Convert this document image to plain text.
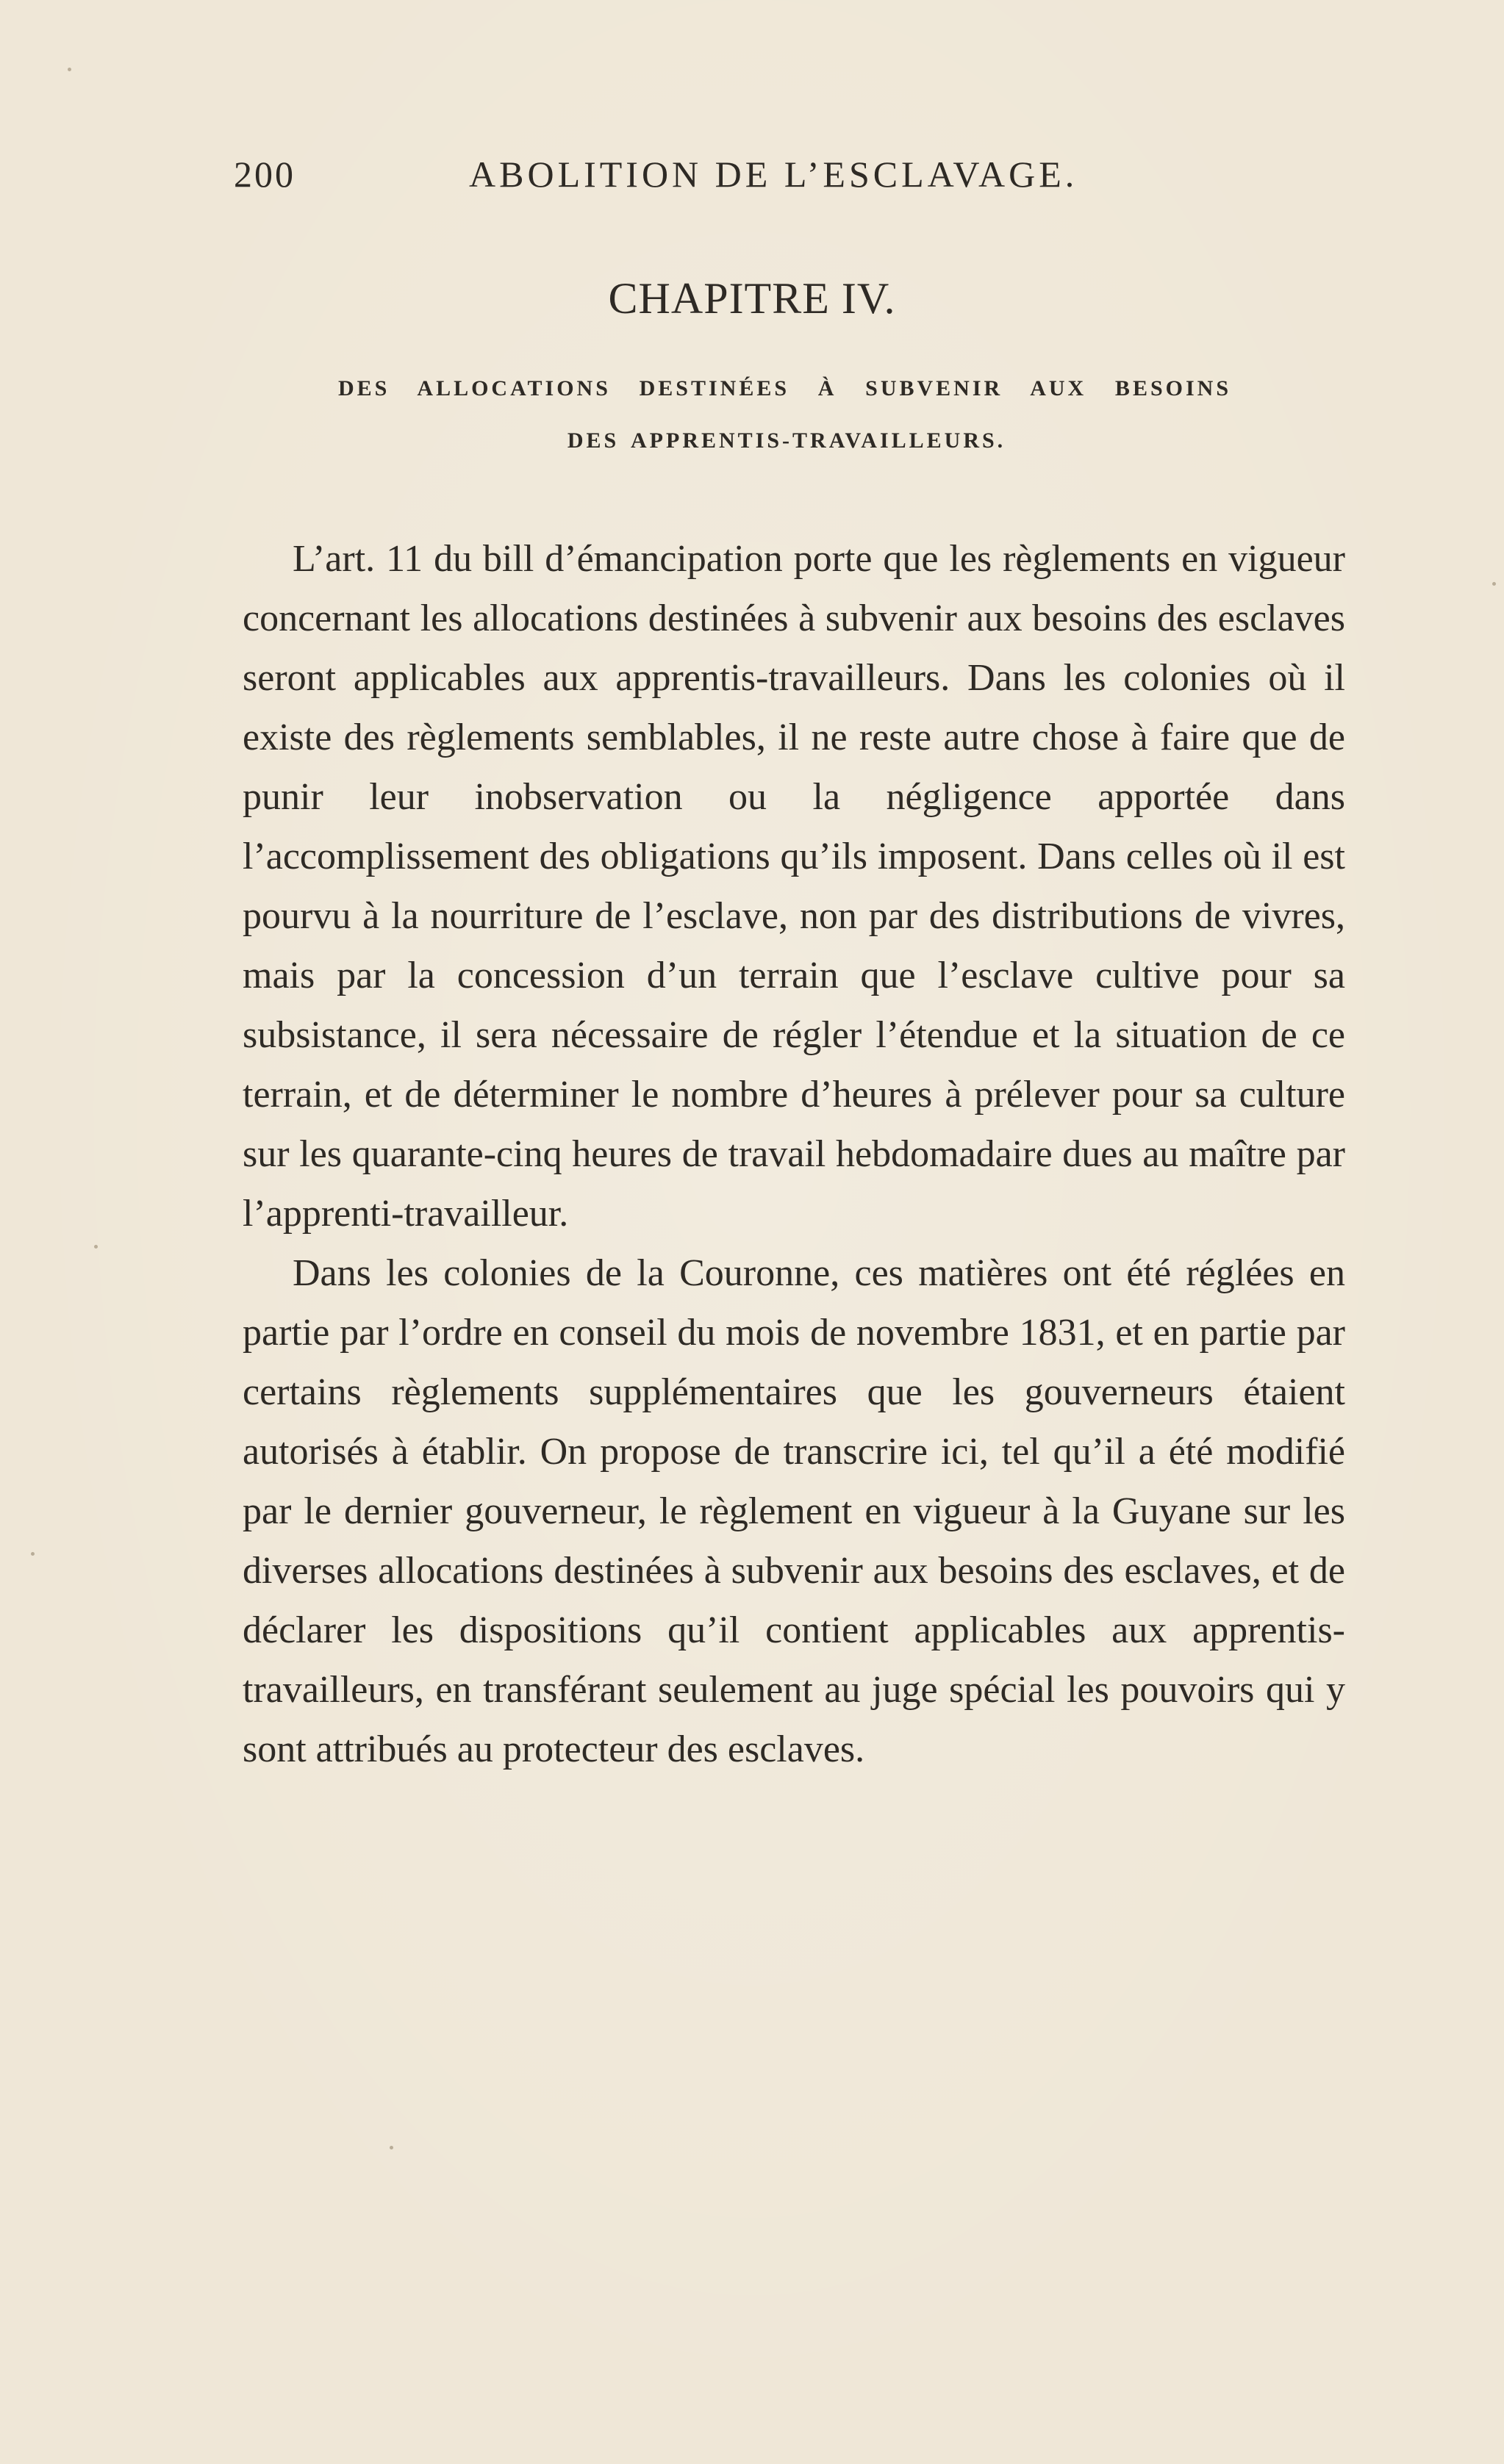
200	ABOLITION DE L’ESCLAVAGE.
CHAPITRE IV.
DES ALLOCATIONS DESTINÉES À SUBVENIR AUX BESOINS
DES APPRENTIS-TRAVAILLEURS.

L’art. 11 du bill d’émancipation porte que les règlements en vigueur concernant les allocations destinées à subvenir aux besoins des esclaves seront applicables aux apprentis-travailleurs. Dans les colonies où il existe des règlements semblables, il ne reste autre chose à faire que de punir leur inobservation ou la négligence apportée dans l’accomplissement des obligations qu’ils imposent. Dans celles où il est pourvu à la nourriture de l’esclave, non par des distributions de vivres, mais par la concession d’un terrain que l’esclave cultive pour sa subsistance, il sera nécessaire de régler l’étendue et la situation de ce terrain, et de déterminer le nombre d’heures à prélever pour sa culture sur les quarante-cinq heures de travail hebdomadaire dues au maître par l’apprenti-travailleur.

Dans les colonies de la Couronne, ces matières ont été réglées en partie par l’ordre en conseil du mois de novembre 1831, et en partie par certains règlements supplémentaires que les gouverneurs étaient autorisés à établir. On propose de transcrire ici, tel qu’il a été modifié par le dernier gouverneur, le règlement en vigueur à la Guyane sur les diverses allocations destinées à subvenir aux besoins des esclaves, et de déclarer les dispositions qu’il contient applicables aux apprentis-travailleurs, en transférant seulement au juge spécial les pouvoirs qui y sont attribués au protecteur des esclaves.
